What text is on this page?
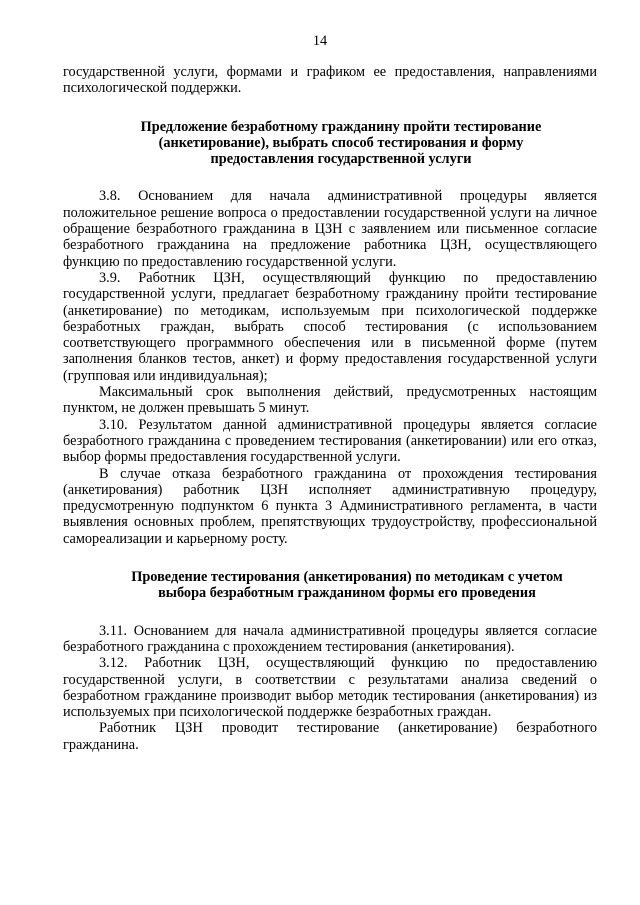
14

государственной услуги, формами и графиком ее предоставления, направлениями психологической поддержки.

Предложение безработному гражданину пройти тестирование (анкетирование), выбрать способ тестирования и форму предоставления государственной услуги

3.8. Основанием для начала административной процедуры является положительное решение вопроса о предоставлении государственной услуги на личное обращение безработного гражданина в ЦЗН с заявлением или письменное согласие безработного гражданина на предложение работника ЦЗН, осуществляющего функцию по предоставлению государственной услуги.

3.9. Работник ЦЗН, осуществляющий функцию по предоставлению государственной услуги, предлагает безработному гражданину пройти тестирование (анкетирование) по методикам, используемым при психологической поддержке безработных граждан, выбрать способ тестирования (с использованием соответствующего программного обеспечения или в письменной форме (путем заполнения бланков тестов, анкет) и форму предоставления государственной услуги (групповая или индивидуальная);

Максимальный срок выполнения действий, предусмотренных настоящим пунктом, не должен превышать 5 минут.

3.10. Результатом данной административной процедуры является согласие безработного гражданина с проведением тестирования (анкетировании) или его отказ, выбор формы предоставления государственной услуги.

В случае отказа безработного гражданина от прохождения тестирования (анкетирования) работник ЦЗН исполняет административную процедуру, предусмотренную подпунктом 6 пункта 3 Административного регламента, в части выявления основных проблем, препятствующих трудоустройству, профессиональной самореализации и карьерному росту.

Проведение тестирования (анкетирования) по методикам с учетом выбора безработным гражданином формы его проведения

3.11. Основанием для начала административной процедуры является согласие безработного гражданина с прохождением тестирования (анкетирования).

3.12. Работник ЦЗН, осуществляющий функцию по предоставлению государственной услуги, в соответствии с результатами анализа сведений о безработном гражданине производит выбор методик тестирования (анкетирования) из используемых при психологической поддержке безработных граждан.

Работник ЦЗН проводит тестирование (анкетирование) безработного гражданина.
